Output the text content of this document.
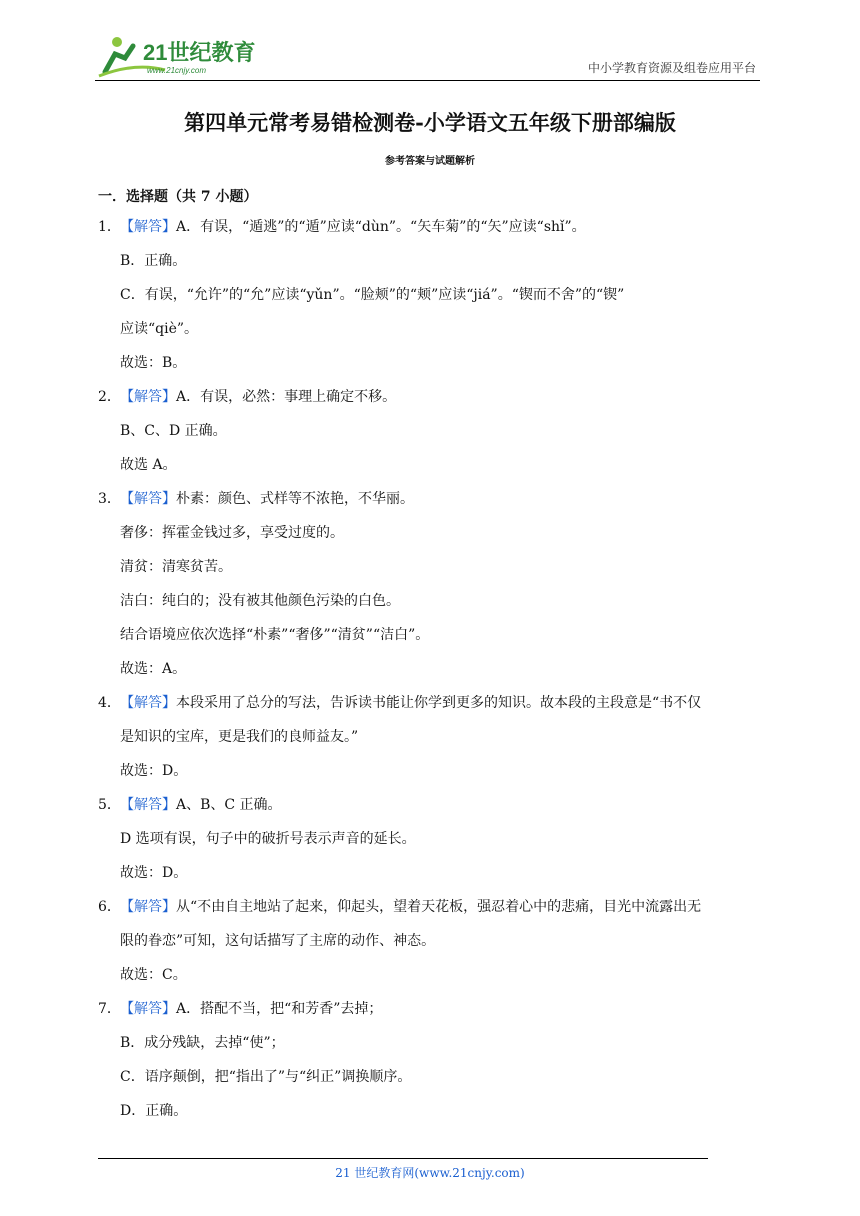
21世纪教育
www.21cnjy.com	中小学教育资源及组卷应用平台
第四单元常考易错检测卷-小学语文五年级下册部编版
参考答案与试题解析
一．选择题（共 7 小题）
1．【解答】A．有误，“遁逃”的“遁”应读“dùn”。“矢车菊”的“矢”应读“shǐ”。
B．正确。
C．有误，“允许”的“允”应读“yǔn”。“脸颊”的“颊”应读“jiá”。“锲而不舍”的“锲”
应读“qiè”。
故选：B。
2．【解答】A．有误，必然：事理上确定不移。
B、C、D 正确。
故选 A。
3．【解答】朴素：颜色、式样等不浓艳，不华丽。
奢侈：挥霍金钱过多，享受过度的。
清贫：清寒贫苦。
洁白：纯白的；没有被其他颜色污染的白色。
结合语境应依次选择“朴素”“奢侈”“清贫”“洁白”。
故选：A。
4．【解答】本段采用了总分的写法，告诉读书能让你学到更多的知识。故本段的主段意是“书不仅
是知识的宝库，更是我们的良师益友。”
故选：D。
5．【解答】A、B、C 正确。
D 选项有误，句子中的破折号表示声音的延长。
故选：D。
6．【解答】从“不由自主地站了起来，仰起头，望着天花板，强忍着心中的悲痛，目光中流露出无
限的眷恋”可知，这句话描写了主席的动作、神态。
故选：C。
7．【解答】A．搭配不当，把“和芳香”去掉；
B．成分残缺，去掉“使”；
C．语序颠倒，把“指出了”与“纠正”调换顺序。
D．正确。
21 世纪教育网(www.21cnjy.com)
